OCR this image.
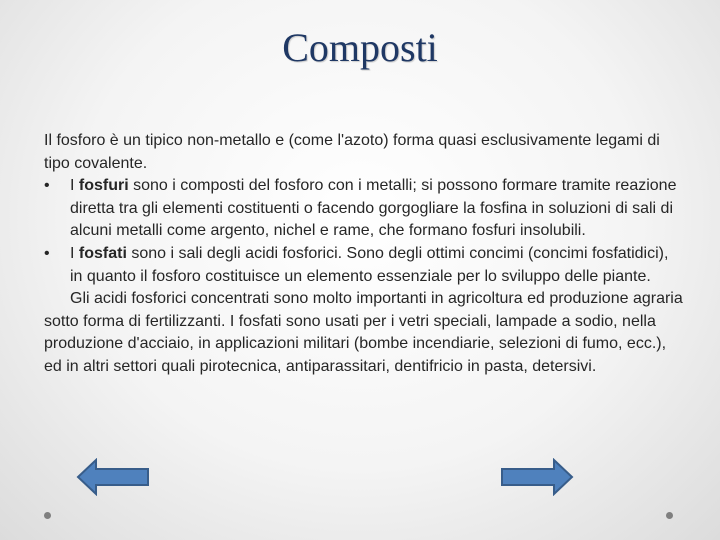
Composti

Il fosforo è un tipico non-metallo e (come l'azoto) forma quasi esclusivamente legami di tipo covalente.

•	I fosfuri sono i composti del fosforo con i metalli; si possono formare tramite reazione diretta tra gli elementi costituenti o facendo gorgogliare la fosfina in soluzioni di sali di alcuni metalli come argento, nichel e rame, che formano fosfuri insolubili.
•	I fosfati sono i sali degli acidi fosforici. Sono degli ottimi concimi (concimi fosfatidici), in quanto il fosforo costituisce un elemento essenziale per lo sviluppo delle piante.

Gli acidi fosforici concentrati sono molto importanti in agricoltura ed produzione agraria sotto forma di fertilizzanti. I fosfati sono usati per i vetri speciali, lampade a sodio, nella produzione d'acciaio, in applicazioni militari (bombe incendiarie, selezioni di fumo, ecc.), ed in altri settori quali pirotecnica, antiparassitari, dentifricio in pasta, detersivi.
